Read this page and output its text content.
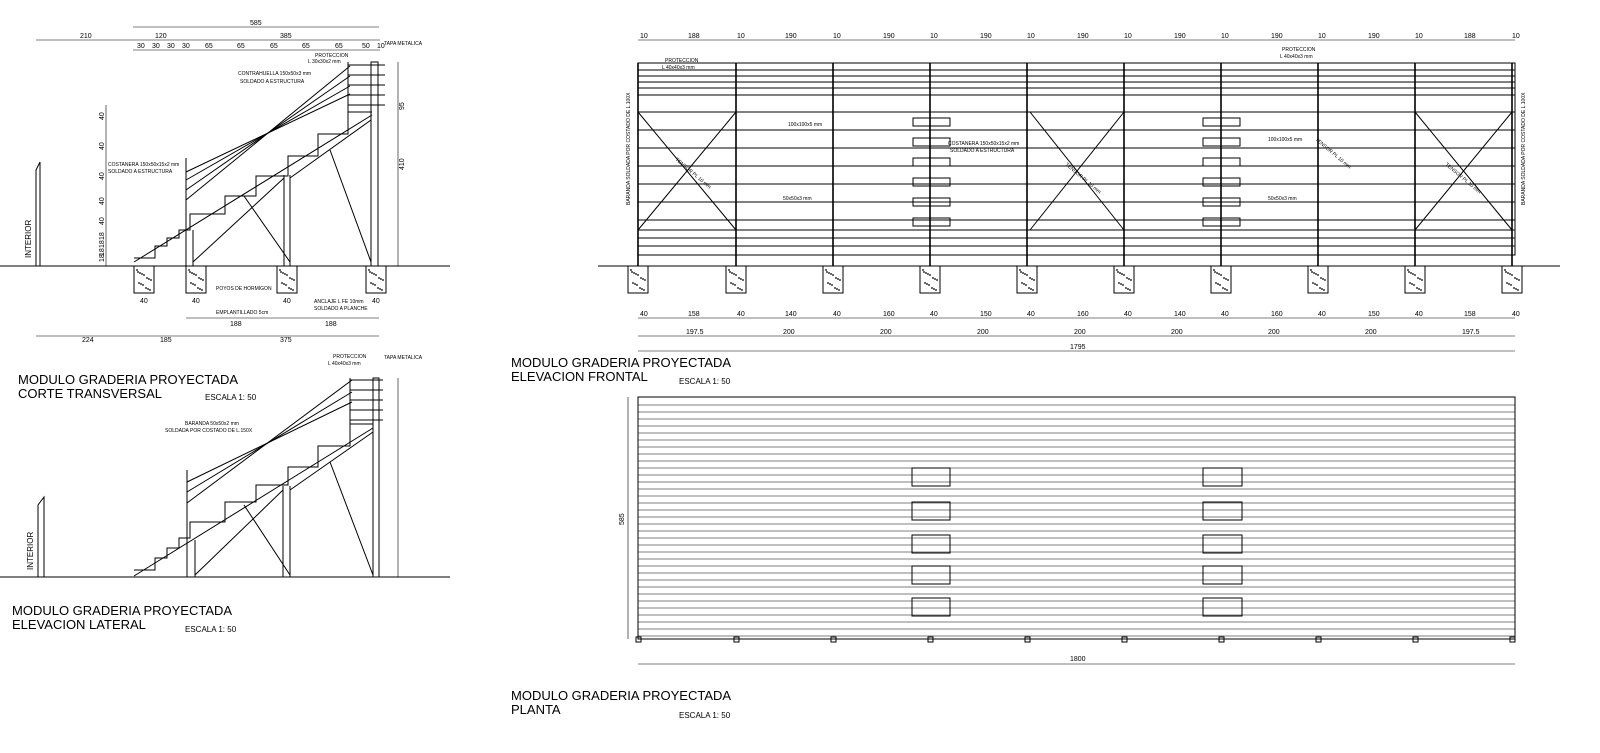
585
210	120	385
30 30 30 30 65	65	65	65	65	50 10
40	40	40	40
INTERIOR
40
40
40
40
40
18
18
18
18
95
410
188	188
185	375
224
TAPA METALICA
PROTECCION
L 30x30x2 mm
CONTRAHUELLA 150x50x3 mm
SOLDADO A ESTRUCTURA
COSTANERA 150x50x15x2 mm
SOLDADO A ESTRUCTURA
POYOS DE HORMIGON
ANCLAJE L FE 10mm
SOLDADO A PLANCHE
EMPLANTILLADO 5cm
MODULO GRADERIA PROYECTADA
CORTE TRANSVERSAL	ESCALA 1: 50
INTERIOR
TAPA METALICA
PROTECCION
L 40x40x3 mm
BARANDA 50x50x2 mm
SOLDADA POR COSTADO DE L.150X
MODULO GRADERIA PROYECTADA
ELEVACION LATERAL	ESCALA 1: 50
10	188	10	190	10	190	10	190	10	190	10	190	10	190	10	190	10	188	10
40	158	40	140	40	160	40	150	40	160	40	140	40	160	40	150	40	158	40
197.5	200	200	200	200	200	200	200	197.5
1795
PROTECCION
L 40x40x3 mm
PROTECCION
L 40x40x3 mm
COSTANERA 150x50x15x2 mm
SOLDADO A ESTRUCTURA
100x100x5 mm
50x50x3 mm
100x100x5 mm
50x50x3 mm
BARANDA SOLDADA POR COSTADO DE L.100X	BARANDA SOLDADA POR COSTADO DE L.100X
TENSOR PL 10 mm	TENSOR PL 10 mm
TENSOR PL 10 mm
TENSOR PL 10 mm
MODULO GRADERIA PROYECTADA
ELEVACION FRONTAL	ESCALA 1: 50
585
1800
MODULO GRADERIA PROYECTADA
PLANTA	ESCALA 1: 50
